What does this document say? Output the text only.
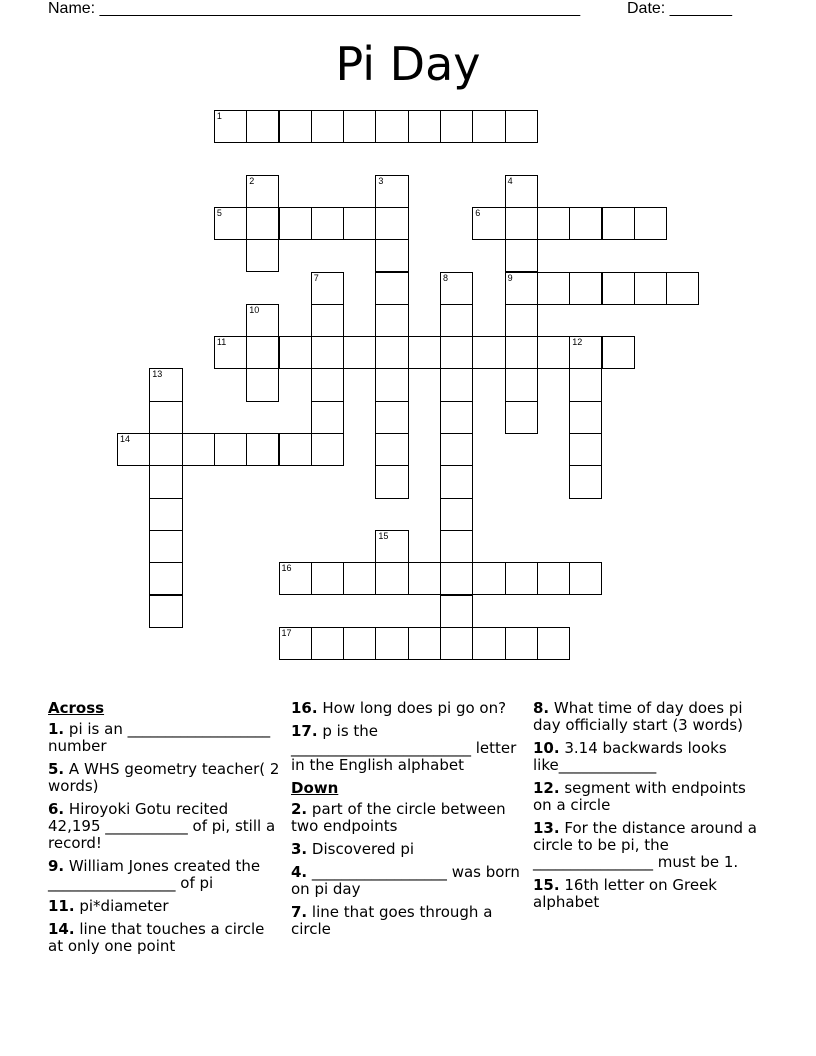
Name: ______________________________________________________	Date: _______
Pi Day
1
2	3	4
9
5	6
7	8
10
11	12
13
14
15
16
17
Across
1. pi is an ___________________ number
5. A WHS geometry teacher( 2 words)
6. Hiroyoki Gotu recited 42,195 ___________ of pi, still a record!
9. William Jones created the _________________ of pi
11. pi*diameter
14. line that touches a circle at only one point
16. How long does pi go on?
17. p is the ________________________ letter in the English alphabet
Down
2. part of the circle between two endpoints
3. Discovered pi
4. __________________ was born on pi day
7. line that goes through a circle
8. What time of day does pi day officially start (3 words)
10. 3.14 backwards looks like_____________
12. segment with endpoints on a circle
13. For the distance around a circle to be pi, the ________________ must be 1.
15. 16th letter on Greek alphabet
